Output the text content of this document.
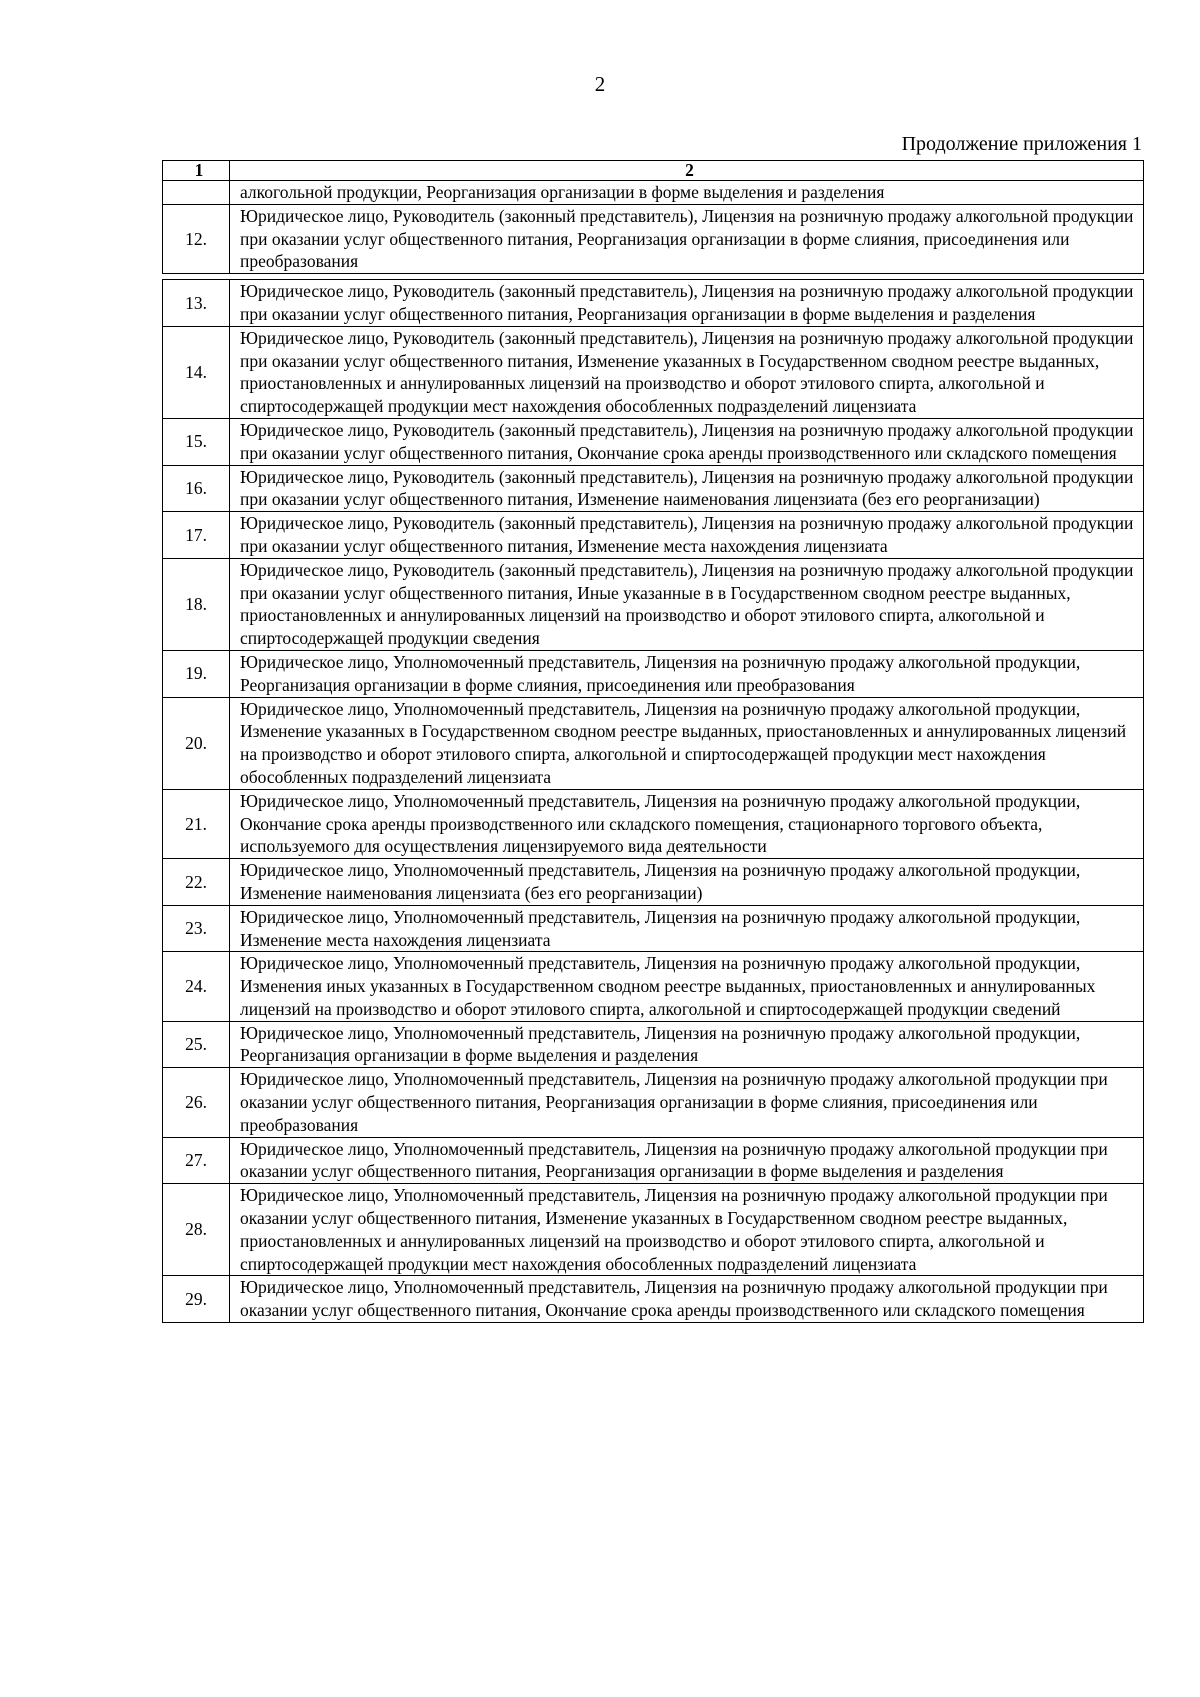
2
Продолжение приложения 1
1	2
	алкогольной продукции, Реорганизация организации в форме выделения и разделения
12.	Юридическое лицо, Руководитель (законный представитель), Лицензия на розничную продажу алкогольной продукции при оказании услуг общественного питания, Реорганизация организации в форме слияния, присоединения или преобразования

13.	Юридическое лицо, Руководитель (законный представитель), Лицензия на розничную продажу алкогольной продукции при оказании услуг общественного питания, Реорганизация организации в форме выделения и разделения
14.	Юридическое лицо, Руководитель (законный представитель), Лицензия на розничную продажу алкогольной продукции при оказании услуг общественного питания, Изменение указанных в Государственном сводном реестре выданных, приостановленных и аннулированных лицензий на производство и оборот этилового спирта, алкогольной и спиртосодержащей продукции мест нахождения обособленных подразделений лицензиата
15.	Юридическое лицо, Руководитель (законный представитель), Лицензия на розничную продажу алкогольной продукции при оказании услуг общественного питания, Окончание срока аренды производственного или складского помещения
16.	Юридическое лицо, Руководитель (законный представитель), Лицензия на розничную продажу алкогольной продукции при оказании услуг общественного питания, Изменение наименования лицензиата (без его реорганизации)
17.	Юридическое лицо, Руководитель (законный представитель), Лицензия на розничную продажу алкогольной продукции при оказании услуг общественного питания, Изменение места нахождения лицензиата
18.	Юридическое лицо, Руководитель (законный представитель), Лицензия на розничную продажу алкогольной продукции при оказании услуг общественного питания, Иные указанные в в Государственном сводном реестре выданных, приостановленных и аннулированных лицензий на производство и оборот этилового спирта, алкогольной и спиртосодержащей продукции сведения
19.	Юридическое лицо, Уполномоченный представитель, Лицензия на розничную продажу алкогольной продукции, Реорганизация организации в форме слияния, присоединения или преобразования
20.	Юридическое лицо, Уполномоченный представитель, Лицензия на розничную продажу алкогольной продукции, Изменение указанных в Государственном сводном реестре выданных, приостановленных и аннулированных лицензий на производство и оборот этилового спирта, алкогольной и спиртосодержащей продукции мест нахождения обособленных подразделений лицензиата
21.	Юридическое лицо, Уполномоченный представитель, Лицензия на розничную продажу алкогольной продукции, Окончание срока аренды производственного или складского помещения, стационарного торгового объекта, используемого для осуществления лицензируемого вида деятельности
22.	Юридическое лицо, Уполномоченный представитель, Лицензия на розничную продажу алкогольной продукции, Изменение наименования лицензиата (без его реорганизации)
23.	Юридическое лицо, Уполномоченный представитель, Лицензия на розничную продажу алкогольной продукции, Изменение места нахождения лицензиата
24.	Юридическое лицо, Уполномоченный представитель, Лицензия на розничную продажу алкогольной продукции, Изменения иных указанных в Государственном сводном реестре выданных, приостановленных и аннулированных лицензий на производство и оборот этилового спирта, алкогольной и спиртосодержащей продукции сведений
25.	Юридическое лицо, Уполномоченный представитель, Лицензия на розничную продажу алкогольной продукции, Реорганизация организации в форме выделения и разделения
26.	Юридическое лицо, Уполномоченный представитель, Лицензия на розничную продажу алкогольной продукции при оказании услуг общественного питания, Реорганизация организации в форме слияния, присоединения или преобразования
27.	Юридическое лицо, Уполномоченный представитель, Лицензия на розничную продажу алкогольной продукции при оказании услуг общественного питания, Реорганизация организации в форме выделения и разделения
28.	Юридическое лицо, Уполномоченный представитель, Лицензия на розничную продажу алкогольной продукции при оказании услуг общественного питания, Изменение указанных в Государственном сводном реестре выданных, приостановленных и аннулированных лицензий на производство и оборот этилового спирта, алкогольной и спиртосодержащей продукции мест нахождения обособленных подразделений лицензиата
29.	Юридическое лицо, Уполномоченный представитель, Лицензия на розничную продажу алкогольной продукции при оказании услуг общественного питания, Окончание срока аренды производственного или складского помещения
